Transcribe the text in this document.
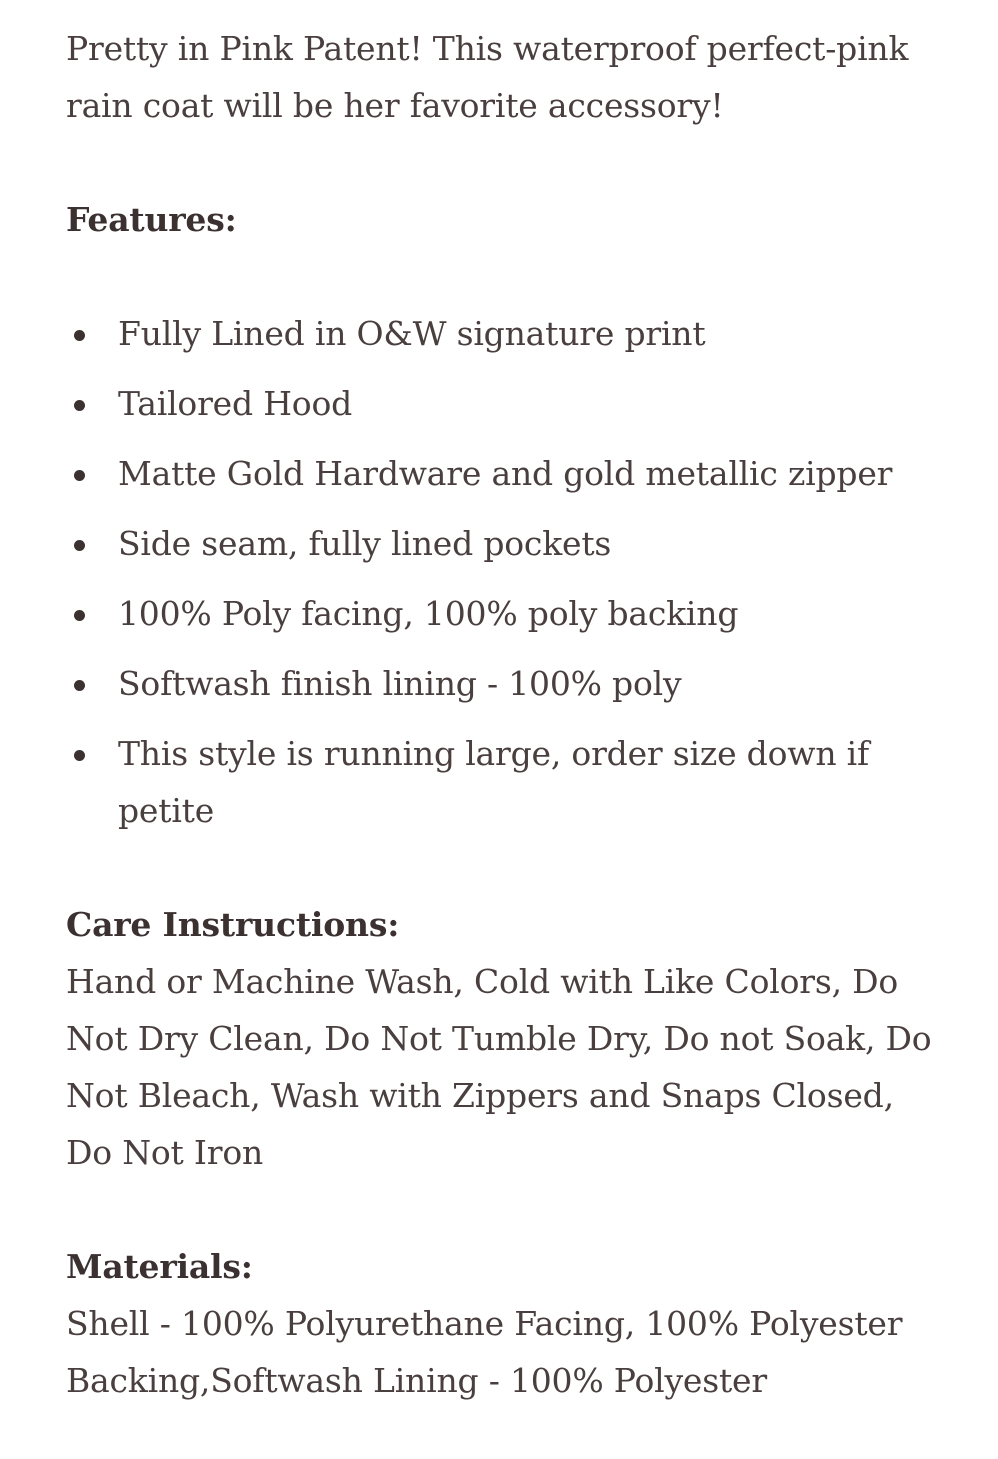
Pretty in Pink Patent! This waterproof perfect-pink rain coat will be her favorite accessory!

Features:

Fully Lined in O&W signature print
Tailored Hood
Matte Gold Hardware and gold metallic zipper
Side seam, fully lined pockets
100% Poly facing, 100% poly backing
Softwash finish lining - 100% poly
This style is running large, order size down if petite

Care Instructions:

Hand or Machine Wash, Cold with Like Colors, Do Not Dry Clean, Do Not Tumble Dry, Do not Soak, Do Not Bleach, Wash with Zippers and Snaps Closed, Do Not Iron

Materials:

Shell - 100% Polyurethane Facing, 100% Polyester Backing,Softwash Lining - 100% Polyester
